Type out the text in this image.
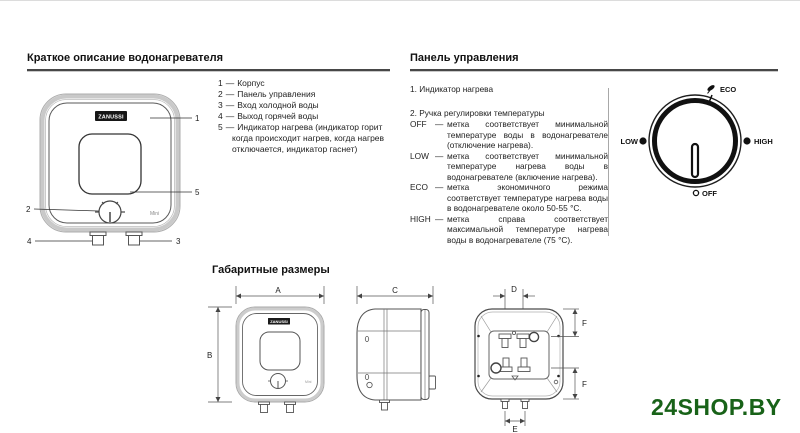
Краткое описание водонагревателя	Панель управления
ZANUSSI
Mini
1
5
2
4	3
1 — Корпус
2 — Панель управления
3 — Вход холодной воды
4 — Выход горячей воды
5 — Индикатор нагрева (индикатор горит когда происходит нагрев, когда нагрев отключается, индикатор гаснет)
1. Индикатор нагрева
2. Ручка регулировки температуры
OFF — метка соответствует минимальной температуре воды в водонагревателе (отключение нагрева).
LOW — метка соответствует минимальной температуре нагрева воды в водонагревателе (включение нагрева).
ECO — метка экономичного режима соответствует температуре нагрева воды в водонагревателе около 50-55 °C.
HIGH — метка справа соответствует максимальной температуре нагрева воды в водонагревателе (75 °C).
ECO
LOW	HIGH
OFF
Габаритные размеры
A
B
ZANUSSI
Mini
C	D
F
F
E
24SHOP.BY
